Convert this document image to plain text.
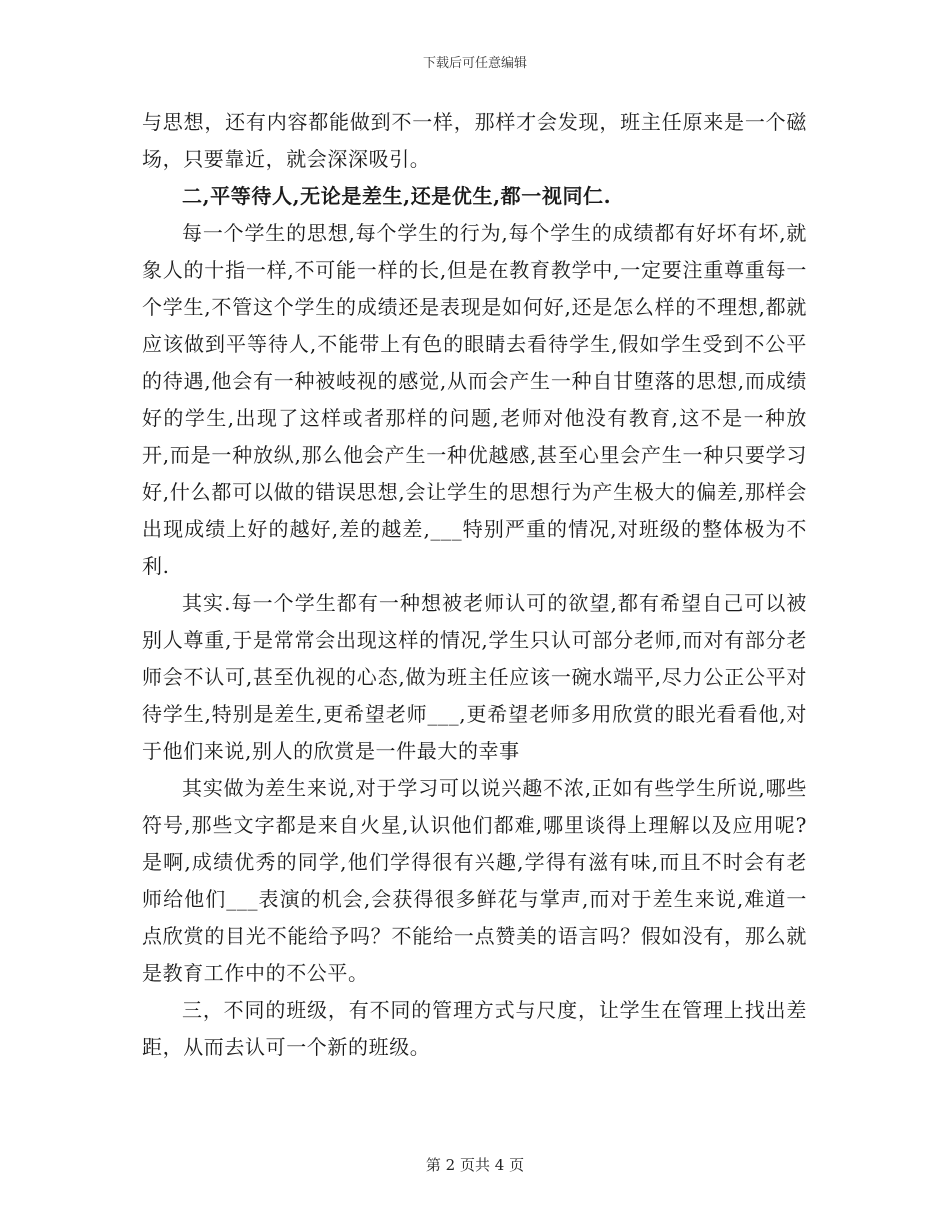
下载后可任意编辑

与思想，还有内容都能做到不一样，那样才会发现，班主任原来是一个磁场，只要靠近，就会深深吸引。

二,平等待人,无论是差生,还是优生,都一视同仁.

每一个学生的思想,每个学生的行为,每个学生的成绩都有好坏有坏,就象人的十指一样,不可能一样的长,但是在教育教学中,一定要注重尊重每一个学生,不管这个学生的成绩还是表现是如何好,还是怎么样的不理想,都就应该做到平等待人,不能带上有色的眼睛去看待学生,假如学生受到不公平的待遇,他会有一种被岐视的感觉,从而会产生一种自甘堕落的思想,而成绩好的学生,出现了这样或者那样的问题,老师对他没有教育,这不是一种放开,而是一种放纵,那么他会产生一种优越感,甚至心里会产生一种只要学习好,什么都可以做的错误思想,会让学生的思想行为产生极大的偏差,那样会出现成绩上好的越好,差的越差,___特别严重的情况,对班级的整体极为不利.

其实.每一个学生都有一种想被老师认可的欲望,都有希望自己可以被别人尊重,于是常常会出现这样的情况,学生只认可部分老师,而对有部分老师会不认可,甚至仇视的心态,做为班主任应该一碗水端平,尽力公正公平对待学生,特别是差生,更希望老师___,更希望老师多用欣赏的眼光看看他,对于他们来说,别人的欣赏是一件最大的幸事

其实做为差生来说,对于学习可以说兴趣不浓,正如有些学生所说,哪些符号,那些文字都是来自火星,认识他们都难,哪里谈得上理解以及应用呢?是啊,成绩优秀的同学,他们学得很有兴趣,学得有滋有味,而且不时会有老师给他们___表演的机会,会获得很多鲜花与掌声,而对于差生来说,难道一点欣赏的目光不能给予吗？不能给一点赞美的语言吗？假如没有，那么就是教育工作中的不公平。

三，不同的班级，有不同的管理方式与尺度，让学生在管理上找出差距，从而去认可一个新的班级。

第 2 页共 4 页
